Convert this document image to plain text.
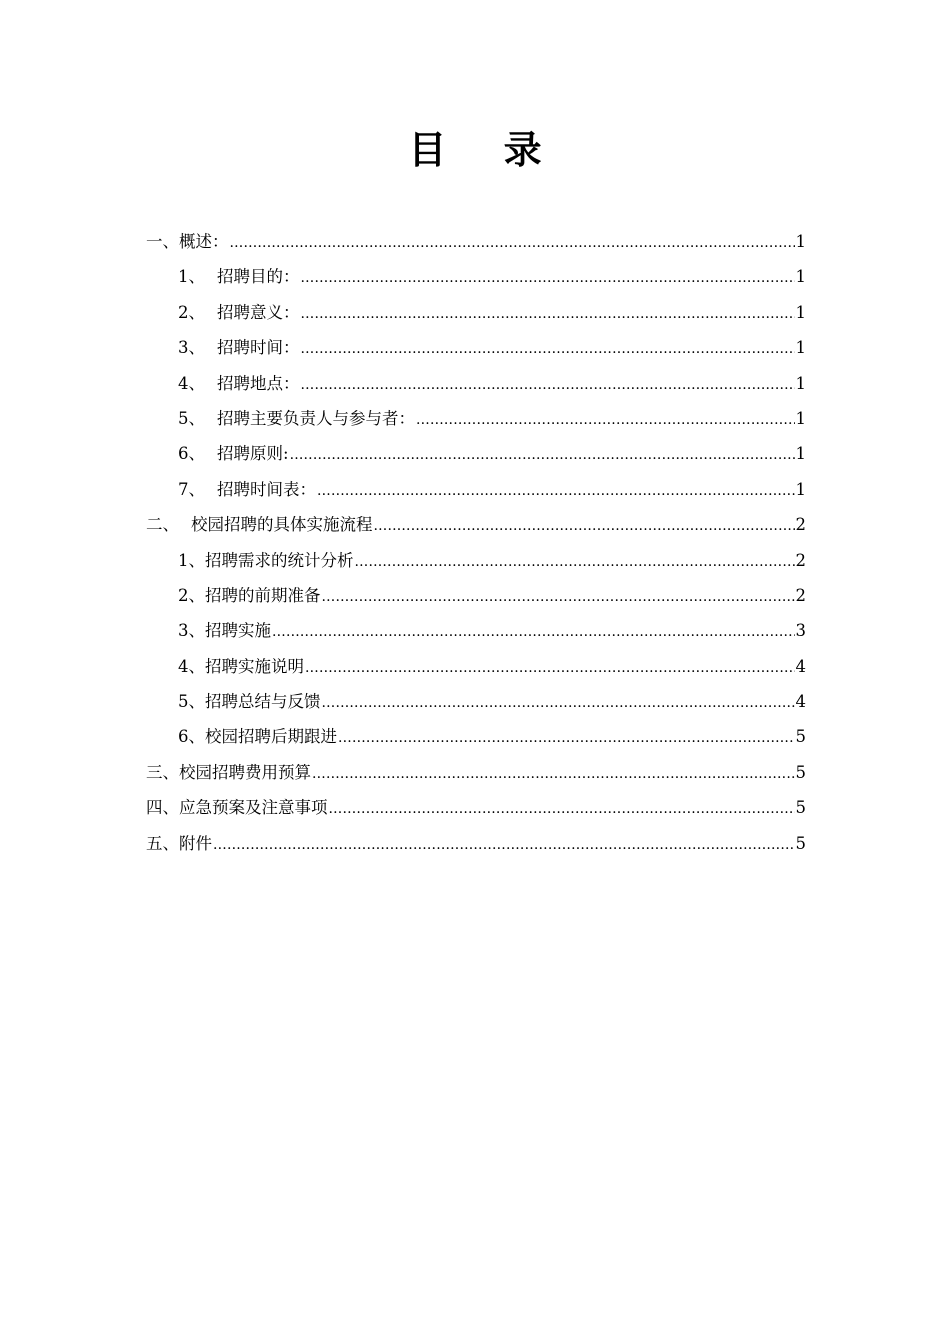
目 录
一、 概述： .....	1
1、 招聘目的： .....	1
2、 招聘意义： .....	1
3、 招聘时间： .....	1
4、 招聘地点： .....	1
5、 招聘主要负责人与参与者： .....	1
6、 招聘原则: .....	1
7、 招聘时间表： .....	1
二、 校园招聘的具体实施流程 .....	2
1、 招聘需求的统计分析 .....	2
2、 招聘的前期准备 .....	2
3、 招聘实施 .....	3
4、 招聘实施说明 .....	4
5、 招聘总结与反馈 .....	4
6、 校园招聘后期跟进 .....	5
三、 校园招聘费用预算 .....	5
四、 应急预案及注意事项 .....	5
五、 附件 .....	5
